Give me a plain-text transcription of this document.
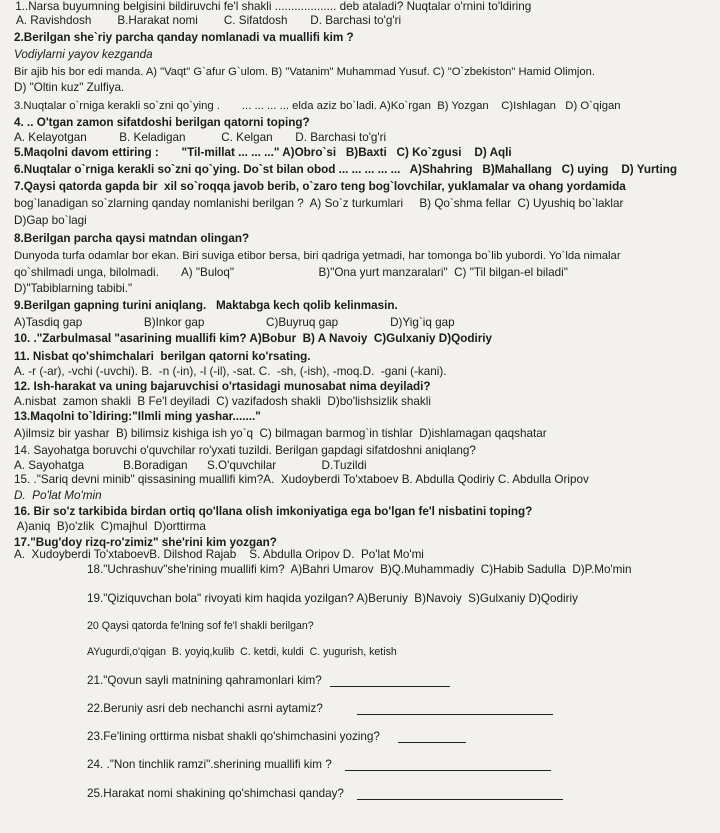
1..Narsa buyumning belgisini bildiruvchi fe'l shakli ................... deb ataladi? Nuqtalar o'rnini to'ldiring
A. Ravishdosh        B.Harakat nomi        C. Sifatdosh       D. Barchasi to'g'ri
2.Berilgan she`riy parcha qanday nomlanadi va muallifi kim ?
Vodiylarni yayov kezganda
Bir ajib his bor edi manda. A) "Vaqt" G`afur G`ulom. B) "Vatanim" Muhammad Yusuf. C) "O`zbekiston" Hamid Olimjon.
D) "Oltin kuz" Zulfiya.
3.Nuqtalar o`rniga kerakli so`zni qo`ying .       ... ... ... ... elda aziz bo`ladi. A)Ko`rgan  B) Yozgan    C)Ishlagan   D) O`qigan
4. .. O'tgan zamon sifatdoshi berilgan qatorni toping?
A. Kelayotgan          B. Keladigan           C. Kelgan       D. Barchasi to'g'ri
5.Maqolni davom ettiring :       "Til-millat ... ... ..." A)Obro`si   B)Baxti   C) Ko`zgusi    D) Aqli
6.Nuqtalar o`rniga kerakli so`zni qo`ying. Do`st bilan obod ... ... ... ... ...   A)Shahring   B)Mahallang   C) uying    D) Yurting
7.Qaysi qatorda gapda bir  xil so`roqqa javob berib, o`zaro teng bog`lovchilar, yuklamalar va ohang yordamida
bog`lanadigan so`zlarning qanday nomlanishi berilgan ?  A) So`z turkumlari     B) Qo`shma fellar  C) Uyushiq bo`laklar
D)Gap bo`lagi
8.Berilgan parcha qaysi matndan olingan?
Dunyoda turfa odamlar bor ekan. Biri suviga etibor bersa, biri qadriga yetmadi, har tomonga bo`lib yubordi. Yo`lda nimalar
qo`shilmadi unga, bilolmadi.       A) "Buloq"                          B)"Ona yurt manzaralari"  C) "Til bilgan-el biladi"
D)"Tabiblarning tabibi."
9.Berilgan gapning turini aniqlang.   Maktabga kech qolib kelinmasin.
A)Tasdiq gap                   B)Inkor gap                   C)Buyruq gap                D)Yig`iq gap
10. ."Zarbulmasal "asarining muallifi kim? A)Bobur  B) A Navoiy  C)Gulxaniy D)Qodiriy
11. Nisbat qo'shimchalari  berilgan qatorni ko'rsating.
A. -r (-ar), -vchi (-uvchi). B.  -n (-in), -l (-il), -sat. C.  -sh, (-ish), -moq.D.  -gani (-kani).
12. Ish-harakat va uning bajaruvchisi o'rtasidagi munosabat nima deyiladi?
A.nisbat  zamon shakli  B Fe'l deyiladi  C) vazifadosh shakli  D)bo'lishsizlik shakli
13.Maqolni to`ldiring:"Ilmli ming yashar......."
A)ilmsiz bir yashar  B) bilimsiz kishiga ish yo`q  C) bilmagan barmog`in tishlar  D)ishlamagan qaqshatar
14. Sayohatga boruvchi o'quvchilar ro'yxati tuzildi. Berilgan gapdagi sifatdoshni aniqlang?
A. Sayohatga            B.Boradigan      S.O'quvchilar              D.Tuzildi
15. ."Sariq devni minib" qissasining muallifi kim?A.  Xudoyberdi To'xtaboev B. Abdulla Qodiriy C. Abdulla Oripov
D.  Po'lat Mo'min
16. Bir so'z tarkibida birdan ortiq qo'llana olish imkoniyatiga ega bo'lgan fe'l nisbatini toping?
A)aniq  B)o'zlik  C)majhul  D)orttirma
17."Bug'doy rizq-ro'zimiz" she'rini kim yozgan?
A.  Xudoyberdi To'xtaboevB. Dilshod Rajab    S. Abdulla Oripov D.  Po'lat Mo'mi
18."Uchrashuv"she'rining muallifi kim?  A)Bahri Umarov  B)Q.Muhammadiy  C)Habib Sadulla  D)P.Mo'min
19."Qiziquvchan bola" rivoyati kim haqida yozilgan? A)Beruniy  B)Navoiy  S)Gulxaniy D)Qodiriy
20 Qaysi qatorda fe'lning sof fe'l shakli berilgan?
AYugurdi,o'qigan  B. yoyiq,kulib  C. ketdi, kuldi  C. yugurish, ketish
21."Qovun sayli matnining qahramonlari kim?
22.Beruniy asri deb nechanchi asrni aytamiz?
23.Fe'lining orttirma nisbat shakli qo'shimchasini yozing?
24. ."Non tinchlik ramzi".sherining muallifi kim ?
25.Harakat nomi shakining qo'shimchasi qanday?
